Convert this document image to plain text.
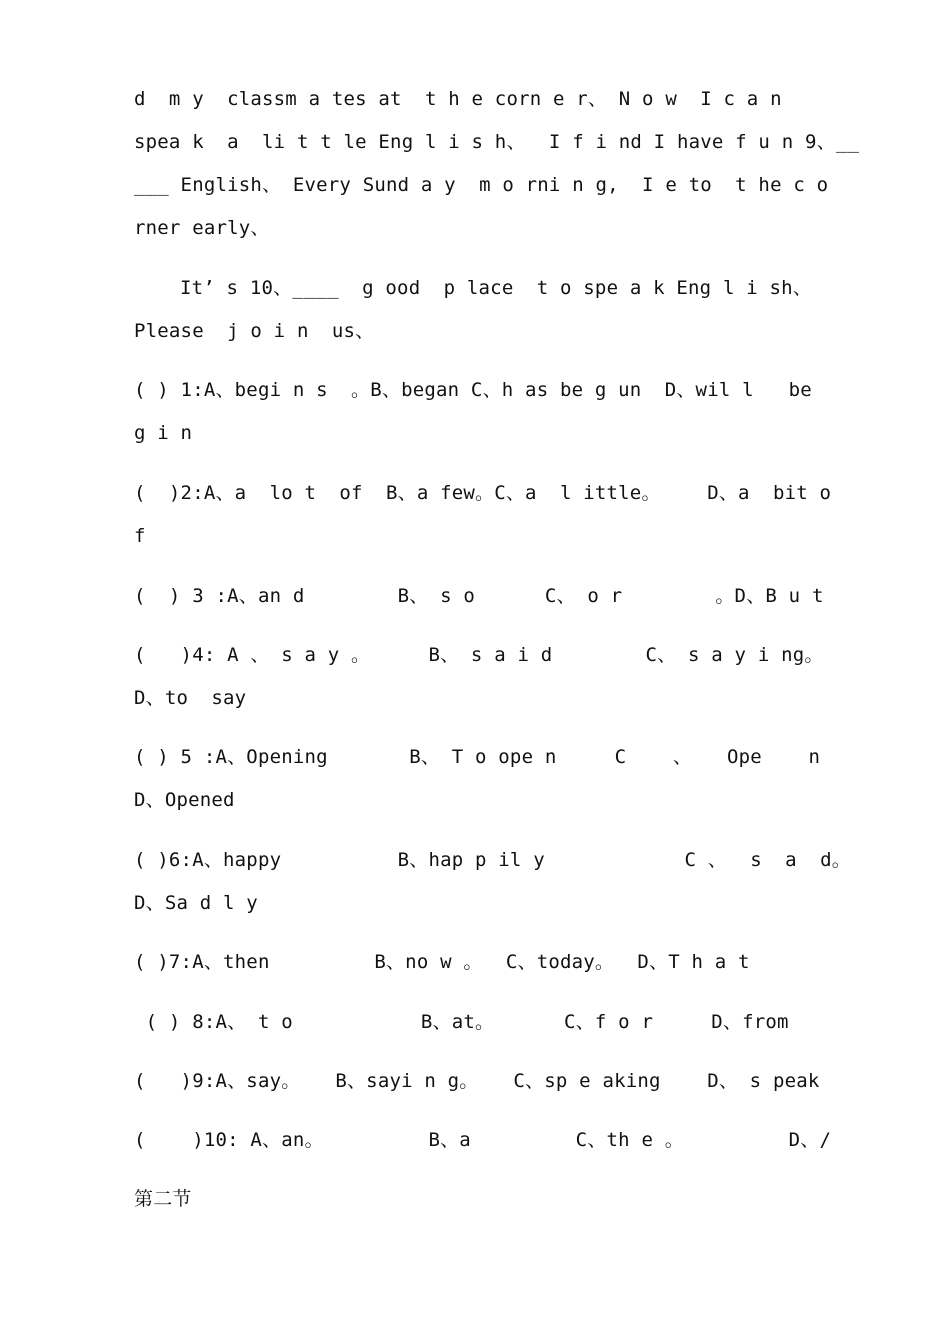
d  m y  classm a tes at  t h e corn e r、 N o w  I c a n
spea k  a  li t t le Eng l i s h、  I f i nd I have f u n 9、__
___ English、 Every Sund a y  m o rni n g,  I e to  t he c o
rner early、
It’ s 10、____  g ood  p lace  t o spe a k Eng l i sh、
Please  j o i n  us、
( ) 1:A、begi n s  。B、began C、h as be g un  D、wil l   be
g i n
(  )2:A、a  lo t  of  B、a few。C、a  l ittle。    D、a  bit o
f
(  ) 3 :A、an d        B、 s o      C、 o r        。D、B u t
(   )4: A 、 s a y 。     B、 s a i d        C、 s a y i ng。
D、to  say
( ) 5 :A、Opening       B、 T o ope n     C    、   Ope    n
D、Opened
( )6:A、happy          B、hap p il y            C 、  s  a  d。
D、Sa d l y
( )7:A、then         B、no w 。  C、today。  D、T h a t
( ) 8:A、 t o           B、at。      C、f o r     D、from
(   )9:A、say。   B、sayi n g。   C、sp e aking    D、 s peak
(    )10: A、an。         B、a         C、th e 。         D、/
第二节
